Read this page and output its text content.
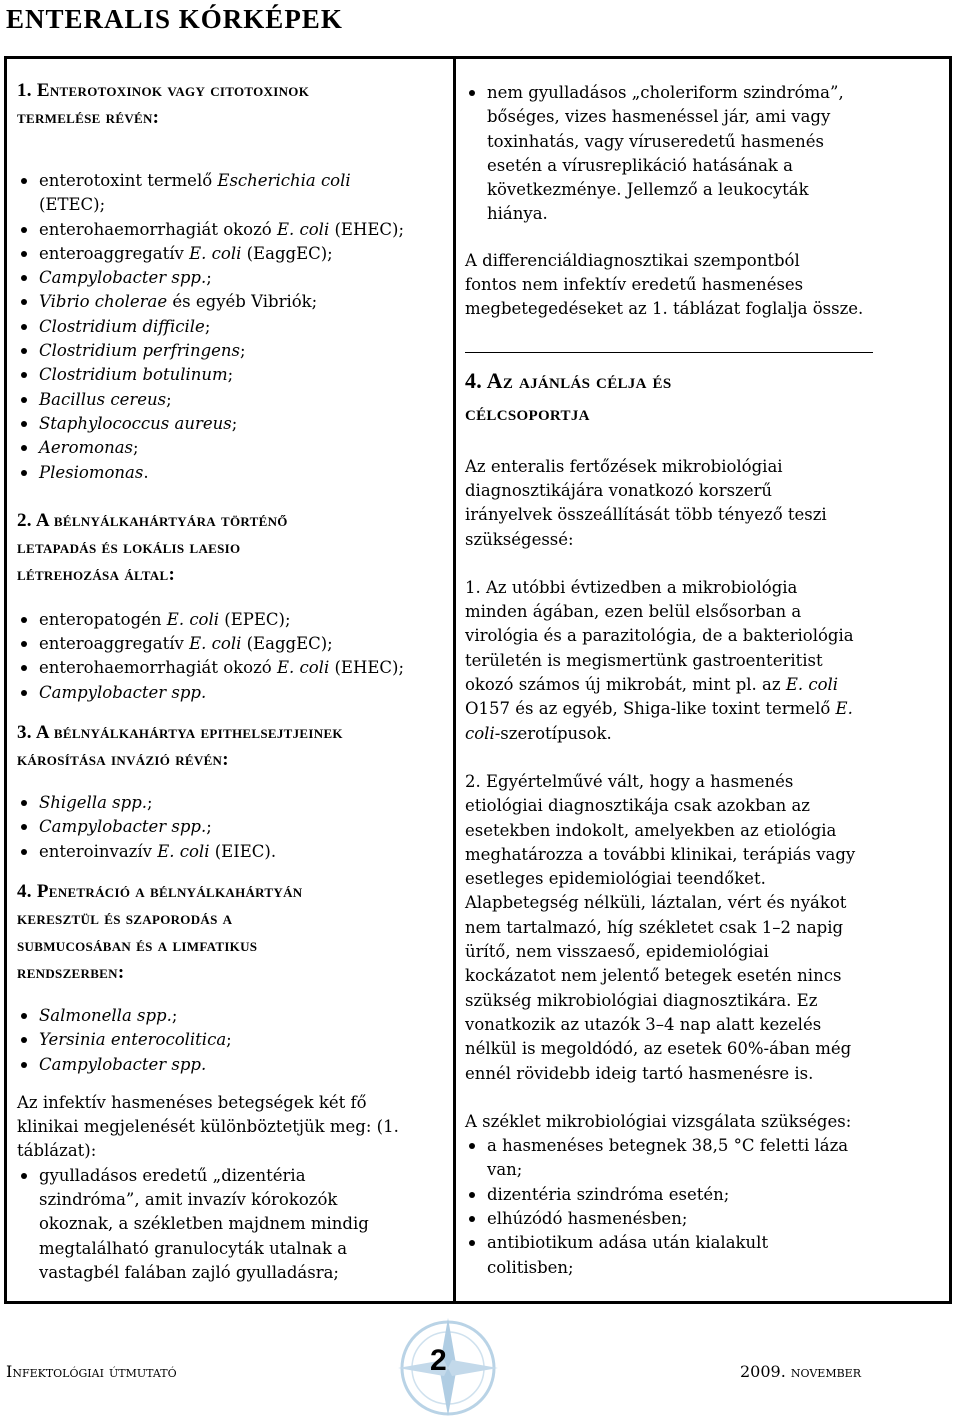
ENTERALIS KÓRKÉPEK
1. Enterotoxinok vagy citotoxinok
termelése révén:
enterotoxint termelő Escherichia coli
(ETEC);
enterohaemorrhagiát okozó E. coli (EHEC);
enteroaggregatív E. coli (EaggEC);
Campylobacter spp.;
Vibrio cholerae és egyéb Vibriók;
Clostridium difficile;
Clostridium perfringens;
Clostridium botulinum;
Bacillus cereus;
Staphylococcus aureus;
Aeromonas;
Plesiomonas.
2. A bélnyálkahártyára történő
letapadás és lokális laesio
létrehozása által:
enteropatogén E. coli (EPEC);
enteroaggregatív E. coli (EaggEC);
enterohaemorrhagiát okozó E. coli (EHEC);
Campylobacter spp.
3. A bélnyálkahártya epithelsejtjeinek
károsítása invázió révén:
Shigella spp.;
Campylobacter spp.;
enteroinvazív E. coli (EIEC).
4. Penetráció a bélnyálkahártyán
keresztül és szaporodás a
submucosában és a limfatikus
rendszerben:
Salmonella spp.;
Yersinia enterocolitica;
Campylobacter spp.

Az infektív hasmenéses betegségek két fő
klinikai megjelenését különböztetjük meg: (1.
táblázat):

gyulladásos eredetű „dizentéria
szindróma”, amit invazív kórokozók
okoznak, a székletben majdnem mindig
megtalálható granulocyták utalnak a
vastagbél falában zajló gyulladásra;
nem gyulladásos „choleriform szindróma”,
bőséges, vizes hasmenéssel jár, ami vagy
toxinhatás, vagy víruseredetű hasmenés
esetén a vírusreplikáció hatásának a
következménye. Jellemző a leukocyták
hiánya.

A differenciáldiagnosztikai szempontból
fontos nem infektív eredetű hasmenéses
megbetegedéseket az 1. táblázat foglalja össze.

4. Az ajánlás célja és
célcsoportja

Az enteralis fertőzések mikrobiológiai
diagnosztikájára vonatkozó korszerű
irányelvek összeállítását több tényező teszi
szükségessé:

1. Az utóbbi évtizedben a mikrobiológia
minden ágában, ezen belül elsősorban a
virológia és a parazitológia, de a bakteriológia
területén is megismertünk gastroenteritist
okozó számos új mikrobát, mint pl. az E. coli
O157 és az egyéb, Shiga-like toxint termelő E.
coli-szerotípusok.

2. Egyértelművé vált, hogy a hasmenés
etiológiai diagnosztikája csak azokban az
esetekben indokolt, amelyekben az etiológia
meghatározza a további klinikai, terápiás vagy
esetleges epidemiológiai teendőket.
Alapbetegség nélküli, láztalan, vért és nyákot
nem tartalmazó, híg székletet csak 1–2 napig
ürítő, nem visszaeső, epidemiológiai
kockázatot nem jelentő betegek esetén nincs
szükség mikrobiológiai diagnosztikára. Ez
vonatkozik az utazók 3–4 nap alatt kezelés
nélkül is megoldódó, az esetek 60%-ában még
ennél rövidebb ideig tartó hasmenésre is.

A széklet mikrobiológiai vizsgálata szükséges:

a hasmenéses betegnek 38,5 °C feletti láza
van;
dizentéria szindróma esetén;
elhúzódó hasmenésben;
antibiotikum adása után kialakult
colitisben;
Infektológiai útmutató	2	2009. november
